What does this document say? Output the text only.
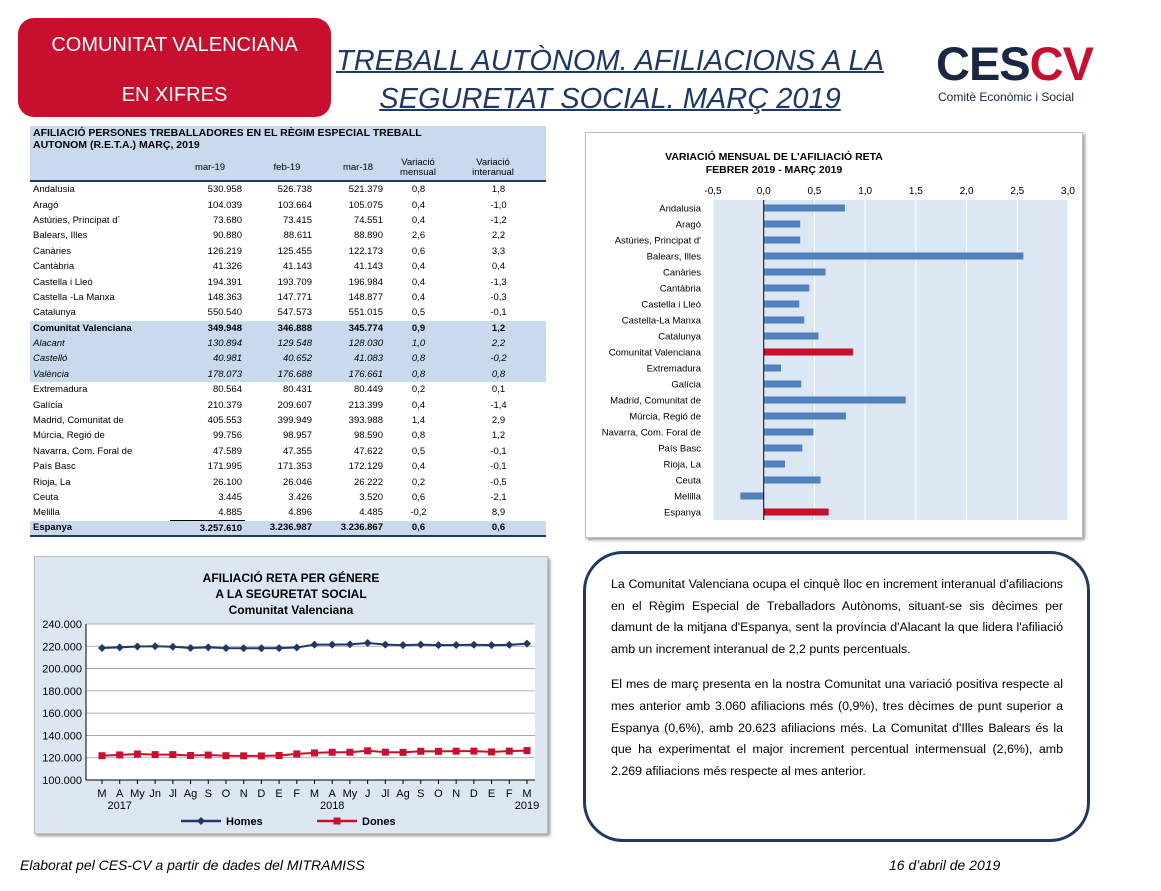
COMUNITAT VALENCIANA
EN XIFRES
TREBALL AUTÒNOM. AFILIACIONS A LA
SEGURETAT SOCIAL. MARÇ 2019
CESCV
Comitè Econòmic i Social
AFILIACIÓ PERSONES TREBALLADORES EN EL RÈGIM ESPECIAL TREBALL
AUTONOM (R.E.T.A.) MARÇ, 2019
mar-19	feb-19	mar-18	Variació
mensual
Variació
interanual
Andalusia	530.958	526.738	521.379	0,8	1,8
Aragó	104.039	103.664	105.075	0,4	-1,0
Astúries, Principat d´	73.680	73.415	74.551	0,4	-1,2
Balears, Illes	90.880	88.611	88.890	2,6	2,2
Canàries	126.219	125.455	122.173	0,6	3,3
Cantàbria	41.326	41.143	41.143	0,4	0,4
Castella i Lleó	194.391	193.709	196.984	0,4	-1,3
Castella -La Manxa	148.363	147.771	148.877	0,4	-0,3
Catalunya	550.540	547.573	551.015	0,5	-0,1
Comunitat Valenciana	349.948	346.888	345.774	0,9	1,2
Alacant	130.894	129.548	128.030	1,0	2,2
Castelló	40.981	40.652	41.083	0,8	-0,2
València	178.073	176.688	176.661	0,8	0,8
Extremadura	80.564	80.431	80.449	0,2	0,1
Galícia	210.379	209.607	213.399	0,4	-1,4
Madrid, Comunitat de	405.553	399.949	393.988	1,4	2,9
Múrcia, Regió de	99.756	98.957	98.590	0,8	1,2
Navarra, Com. Foral de	47.589	47.355	47.622	0,5	-0,1
País Basc	171.995	171.353	172.129	0,4	-0,1
Rioja, La	26.100	26.046	26.222	0,2	-0,5
Ceuta	3.445	3.426	3.520	0,6	-2,1
Melilla	4.885	4.896	4.485	-0,2	8,9
Espanya	3.257.610	3.236.987	3.236.867	0,6	0,6
VARIACIÓ MENSUAL DE L'AFILIACIÓ RETA
FEBRER 2019 - MARÇ 2019
-0,5	0,0	0,5	1,0	1,5	2,0	2,5	3,0
Andalusia
Aragó
Astúries, Principat d'
Balears, Illes
Canàries
Cantàbria
Castella i Lleó
Castella-La Manxa
Catalunya
Comunitat Valenciana
Extremadura
Galícia
Madrid, Comunitat de
Múrcia, Regió de
Navarra, Com. Foral de
País Basc
Rioja, La
Ceuta
Melilla
Espanya
AFILIACIÓ RETA PER GÉNERE
A LA SEGURETAT SOCIAL
Comunitat Valenciana
240.000
220.000
200.000
180.000
160.000
140.000
120.000
100.000
M A My Jn Jl Ag S O N D E F M A My J Jl Ag S O N D E F M
2017	2018	2019
Homes	Dones

La Comunitat Valenciana ocupa el cinquè lloc en increment interanual d'afiliacions en el Règim Especial de Treballadors Autònoms, situant-se sis dècimes per damunt de la mitjana d'Espanya, sent la província d'Alacant la que lidera l'afiliació amb un increment interanual de 2,2 punts percentuals.

El mes de març presenta en la nostra Comunitat una variació positiva respecte al mes anterior amb 3.060 afiliacions més (0,9%), tres dècimes de punt superior a Espanya (0,6%), amb 20.623 afiliacions més. La Comunitat d'Illes Balears és la que ha experimentat el major increment percentual intermensual (2,6%), amb 2.269 afiliacions més respecte al mes anterior.

Elaborat pel CES-CV a partir de dades del MITRAMISS	16 d’abril de 2019
